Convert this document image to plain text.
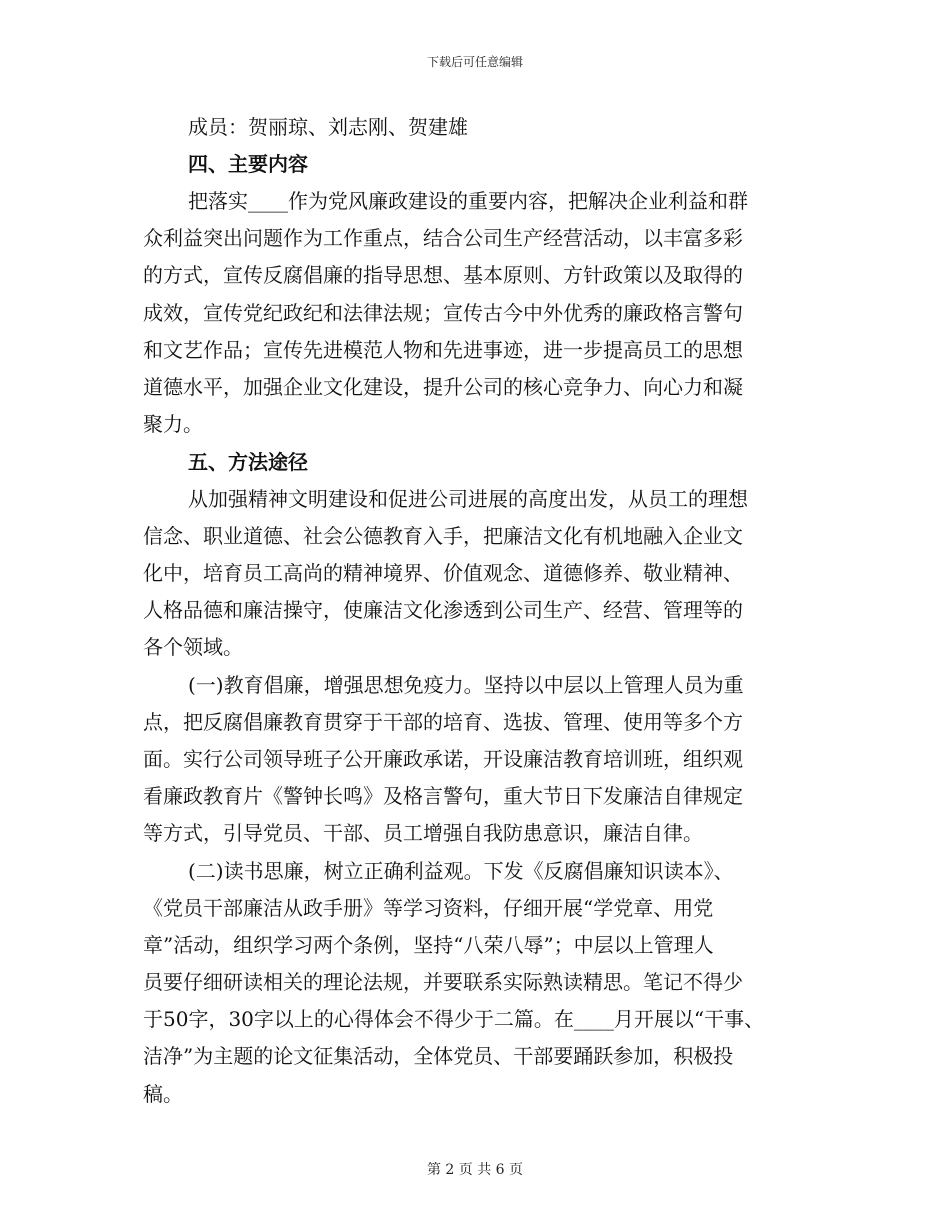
下载后可任意编辑
成员：贺丽琼、刘志刚、贺建雄
四、主要内容
把落实____作为党风廉政建设的重要内容，把解决企业利益和群
众利益突出问题作为工作重点，结合公司生产经营活动，以丰富多彩
的方式，宣传反腐倡廉的指导思想、基本原则、方针政策以及取得的
成效，宣传党纪政纪和法律法规；宣传古今中外优秀的廉政格言警句
和文艺作品；宣传先进模范人物和先进事迹，进一步提高员工的思想
道德水平，加强企业文化建设，提升公司的核心竞争力、向心力和凝
聚力。
五、方法途径
从加强精神文明建设和促进公司进展的高度出发，从员工的理想
信念、职业道德、社会公德教育入手，把廉洁文化有机地融入企业文
化中，培育员工高尚的精神境界、价值观念、道德修养、敬业精神、
人格品德和廉洁操守，使廉洁文化渗透到公司生产、经营、管理等的
各个领域。
(一)教育倡廉，增强思想免疫力。坚持以中层以上管理人员为重
点，把反腐倡廉教育贯穿于干部的培育、选拔、管理、使用等多个方
面。实行公司领导班子公开廉政承诺，开设廉洁教育培训班，组织观
看廉政教育片《警钟长鸣》及格言警句，重大节日下发廉洁自律规定
等方式，引导党员、干部、员工增强自我防患意识，廉洁自律。
(二)读书思廉，树立正确利益观。下发《反腐倡廉知识读本》、
《党员干部廉洁从政手册》等学习资料，仔细开展“学党章、用党
章”活动，组织学习两个条例，坚持“八荣八辱”；中层以上管理人
员要仔细研读相关的理论法规，并要联系实际熟读精思。笔记不得少
于50字，30字以上的心得体会不得少于二篇。在____月开展以“干事、
洁净”为主题的论文征集活动，全体党员、干部要踊跃参加，积极投
稿。
第 2 页 共 6 页
